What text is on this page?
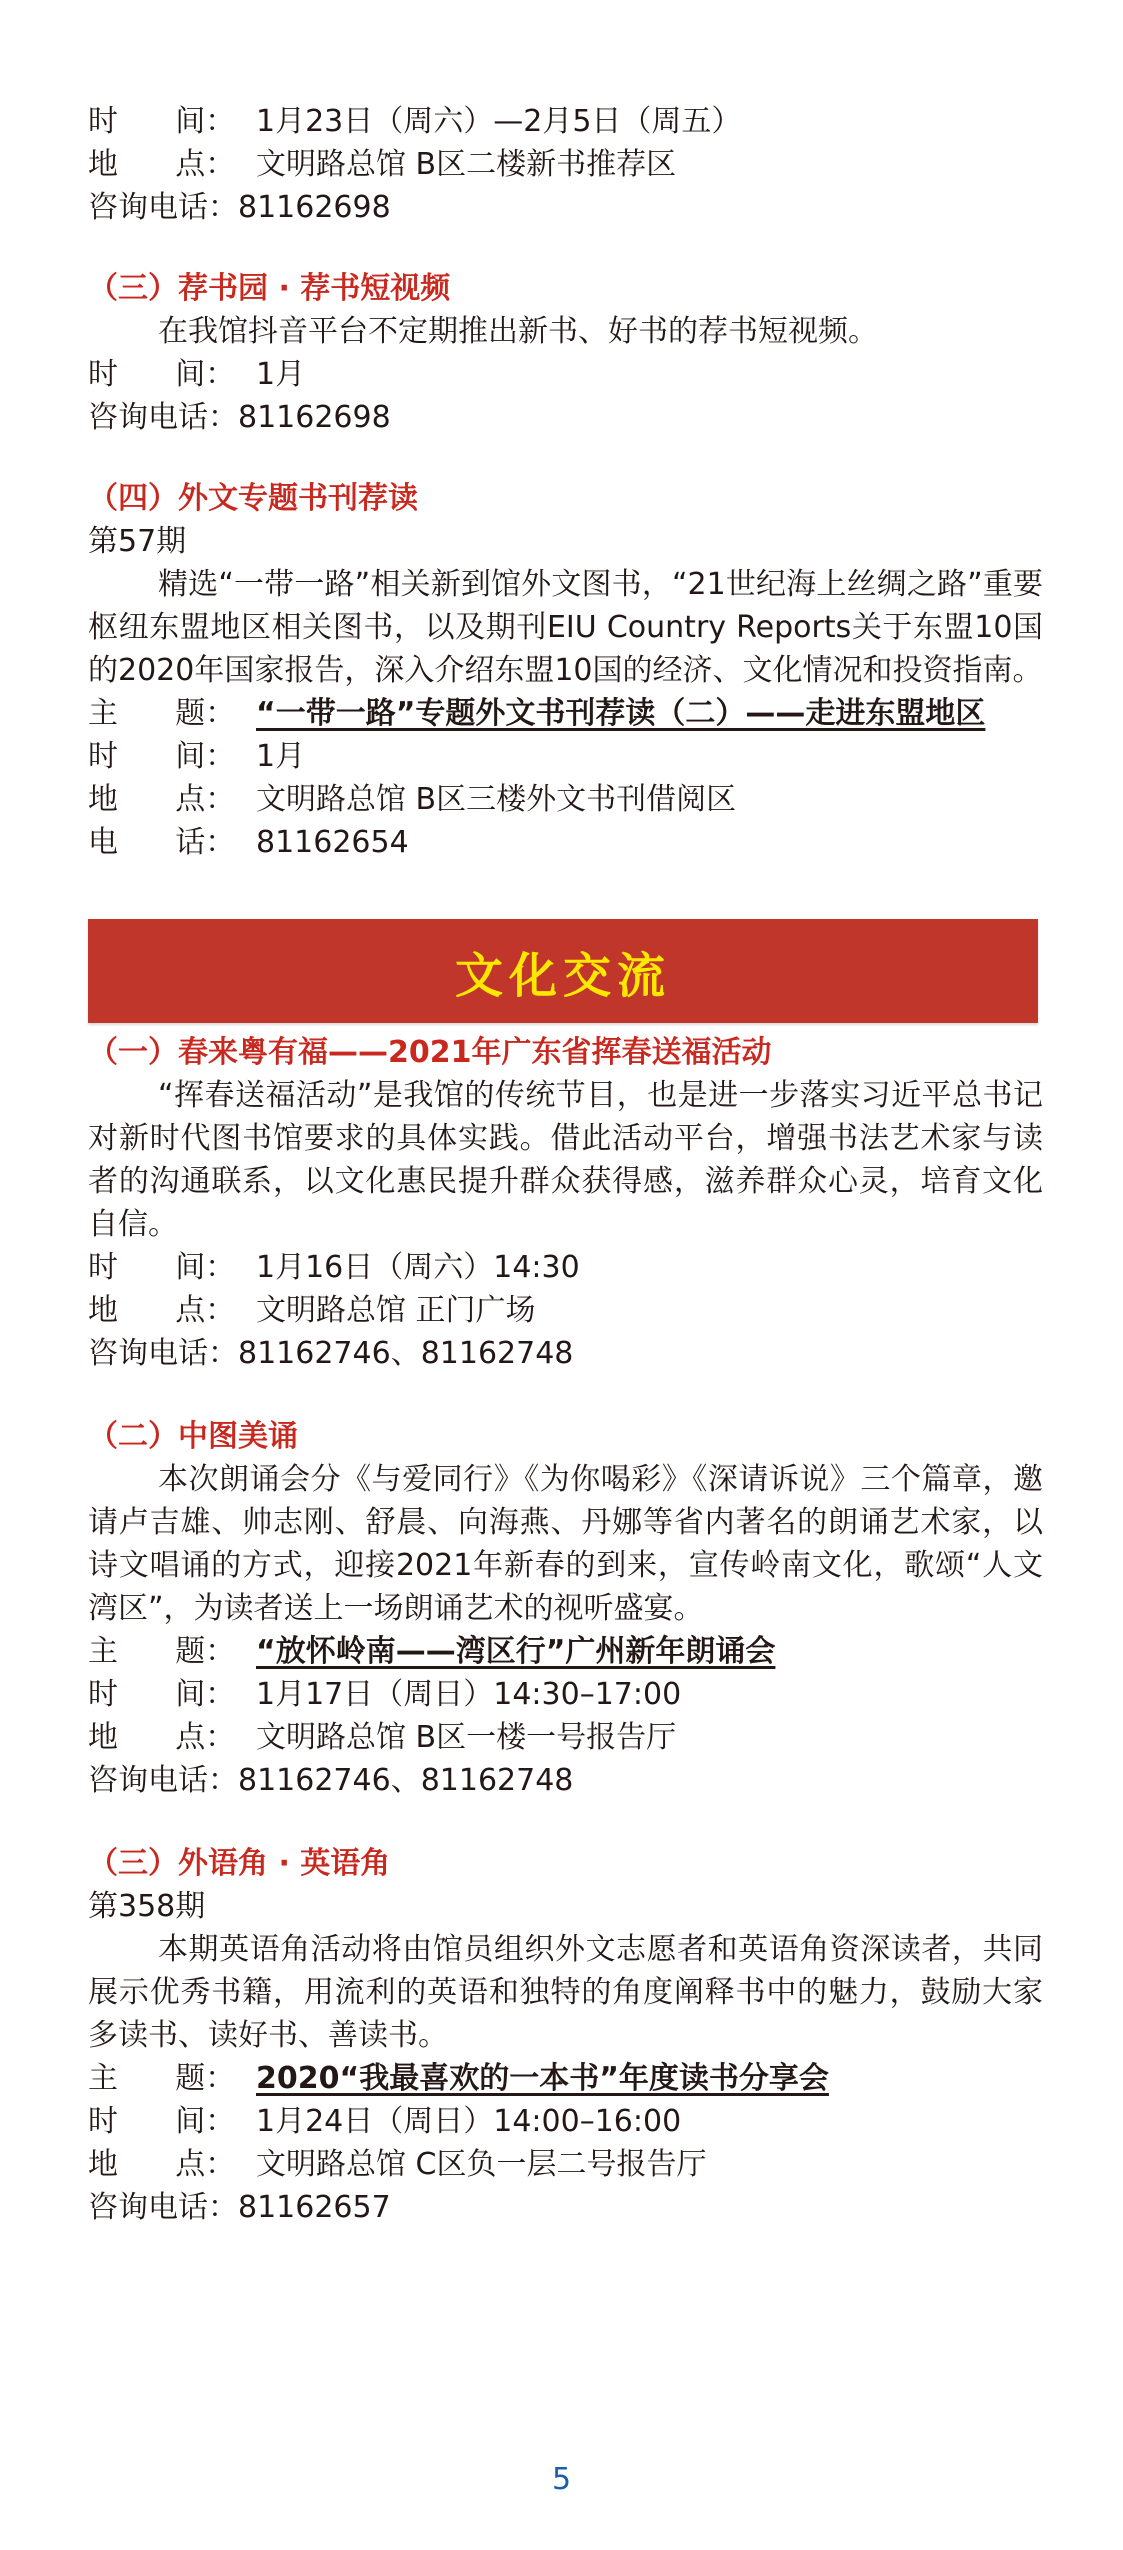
时      间： 1月23日（周六）—2月5日（周五）
地      点： 文明路总馆 B区二楼新书推荐区
咨询电话：81162698
（三）荐书园 · 荐书短视频
在我馆抖音平台不定期推出新书、好书的荐书短视频。
时      间： 1月
咨询电话：81162698
（四）外文专题书刊荐读
第57期
精选“一带一路”相关新到馆外文图书，“21世纪海上丝绸之路”重要枢纽东盟地区相关图书，以及期刊EIU Country Reports关于东盟10国的2020年国家报告，深入介绍东盟10国的经济、文化情况和投资指南。
主      题： “一带一路”专题外文书刊荐读（二）——走进东盟地区
时      间： 1月
地      点： 文明路总馆 B区三楼外文书刊借阅区
电      话： 81162654
文化交流
（一）春来粤有福——2021年广东省挥春送福活动
“挥春送福活动”是我馆的传统节目，也是进一步落实习近平总书记对新时代图书馆要求的具体实践。借此活动平台，增强书法艺术家与读者的沟通联系，以文化惠民提升群众获得感，滋养群众心灵，培育文化自信。
时      间： 1月16日（周六）14:30
地      点： 文明路总馆 正门广场
咨询电话：81162746、81162748
（二）中图美诵
本次朗诵会分《与爱同行》《为你喝彩》《深请诉说》三个篇章，邀请卢吉雄、帅志刚、舒晨、向海燕、丹娜等省内著名的朗诵艺术家，以诗文唱诵的方式，迎接2021年新春的到来，宣传岭南文化，歌颂“人文湾区”，为读者送上一场朗诵艺术的视听盛宴。
主      题： “放怀岭南——湾区行”广州新年朗诵会
时      间： 1月17日（周日）14:30–17:00
地      点： 文明路总馆 B区一楼一号报告厅
咨询电话：81162746、81162748
（三）外语角 · 英语角
第358期
本期英语角活动将由馆员组织外文志愿者和英语角资深读者，共同展示优秀书籍，用流利的英语和独特的角度阐释书中的魅力，鼓励大家多读书、读好书、善读书。
主      题： 2020“我最喜欢的一本书”年度读书分享会
时      间： 1月24日（周日）14:00–16:00
地      点： 文明路总馆 C区负一层二号报告厅
咨询电话：81162657
5
